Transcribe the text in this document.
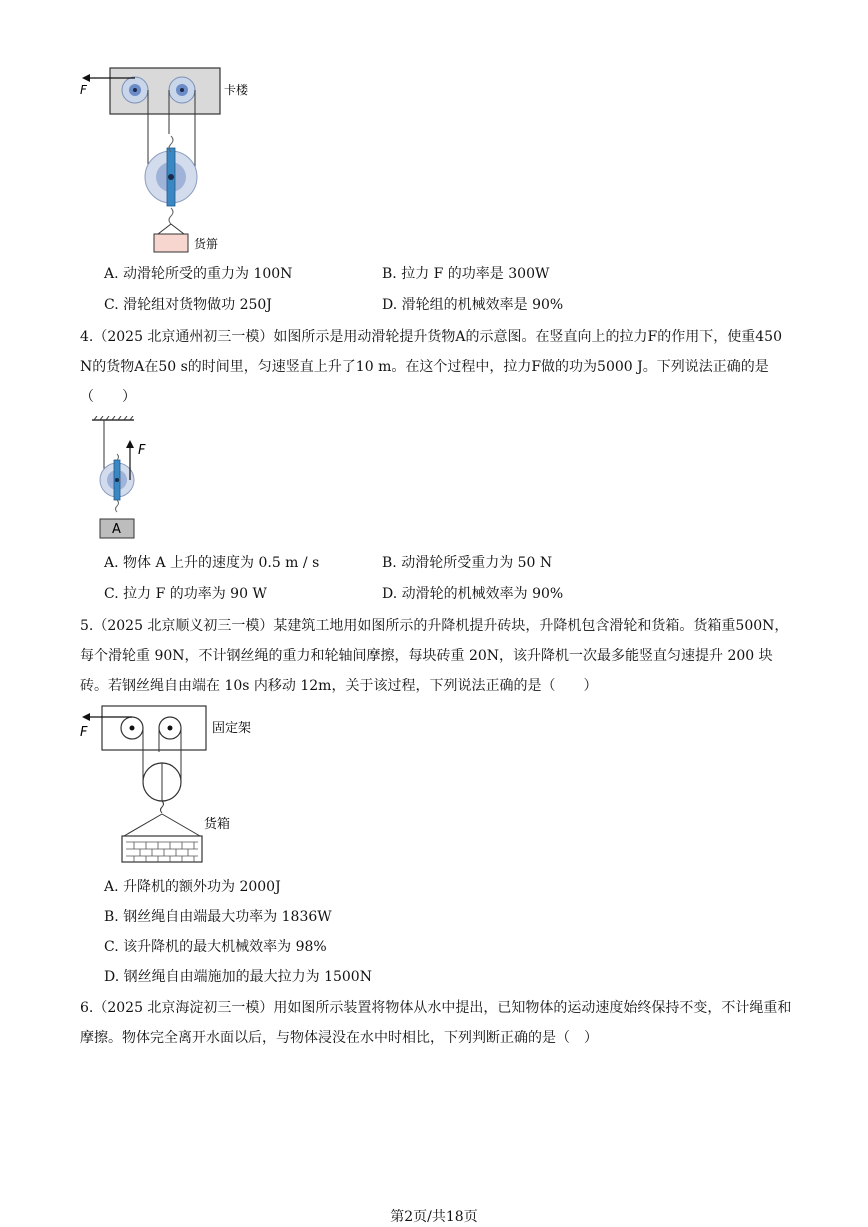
F	卡楼
货笧
A. 动滑轮所受的重力为 100N	B. 拉力 F 的功率是 300W
C. 滑轮组对货物做功 250J	D. 滑轮组的机械效率是 90%
4.（2025 北京通州初三一模）如图所示是用动滑轮提升货物A的示意图。在竖直向上的拉力F的作用下，使重450 N的货物A在50 s的时间里，匀速竖直上升了10 m。在这个过程中，拉力F做的功为5000 J。下列说法正确的是（　　）
F
A
A. 物体 A 上升的速度为 0.5 m / s	B. 动滑轮所受重力为 50 N
C. 拉力 F 的功率为 90 W	D. 动滑轮的机械效率为 90%
5.（2025 北京顺义初三一模）某建筑工地用如图所示的升降机提升砖块，升降机包含滑轮和货箱。货箱重500N，每个滑轮重 90N，不计钢丝绳的重力和轮轴间摩擦，每块砖重 20N，该升降机一次最多能竖直匀速提升 200 块砖。若钢丝绳自由端在 10s 内移动 12m，关于该过程，下列说法正确的是（　　）
F	固定架
货箱
A. 升降机的额外功为 2000J
B. 钢丝绳自由端最大功率为 1836W
C. 该升降机的最大机械效率为 98%
D. 钢丝绳自由端施加的最大拉力为 1500N
6.（2025 北京海淀初三一模）用如图所示装置将物体从水中提出，已知物体的运动速度始终保持不变，不计绳重和摩擦。物体完全离开水面以后，与物体浸没在水中时相比，下列判断正确的是（　）
第2页/共18页
